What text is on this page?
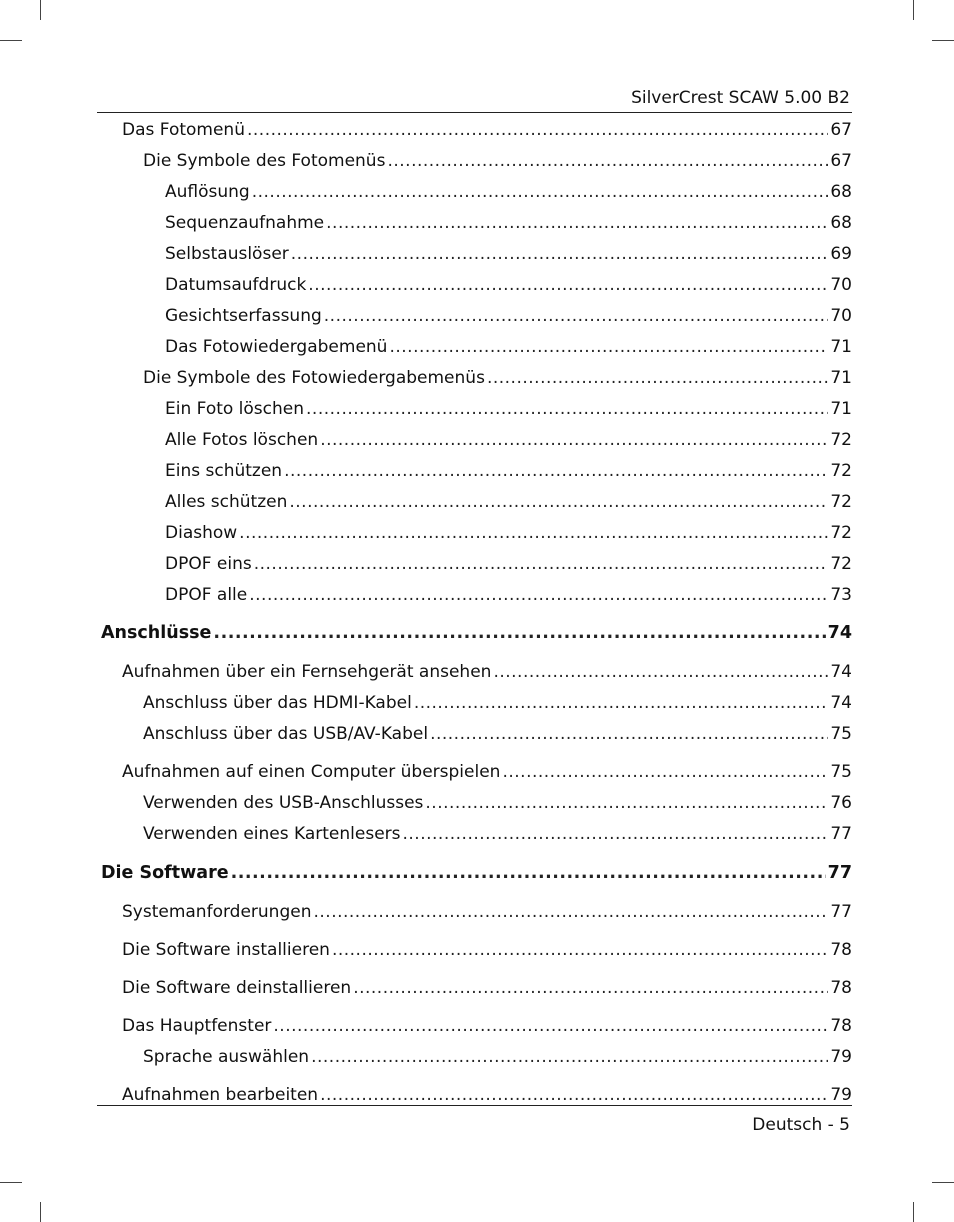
SilverCrest SCAW 5.00 B2
Das Fotomenü .....	67
Die Symbole des Fotomenüs .....	67
Auflösung .....	68
Sequenzaufnahme .....	68
Selbstauslöser .....	69
Datumsaufdruck .....	70
Gesichtserfassung .....	70
Das Fotowiedergabemenü .....	71
Die Symbole des Fotowiedergabemenüs .....	71
Ein Foto löschen .....	71
Alle Fotos löschen .....	72
Eins schützen .....	72
Alles schützen .....	72
Diashow .....	72
DPOF eins .....	72
DPOF alle .....	73
Anschlüsse .....	74
Aufnahmen über ein Fernsehgerät ansehen .....	74
Anschluss über das HDMI-Kabel .....	74
Anschluss über das USB/AV-Kabel .....	75
Aufnahmen auf einen Computer überspielen .....	75
Verwenden des USB-Anschlusses .....	76
Verwenden eines Kartenlesers .....	77
Die Software .....	77
Systemanforderungen .....	77
Die Software installieren .....	78
Die Software deinstallieren .....	78
Das Hauptfenster .....	78
Sprache auswählen .....	79
Aufnahmen bearbeiten .....	79
Deutsch - 5
